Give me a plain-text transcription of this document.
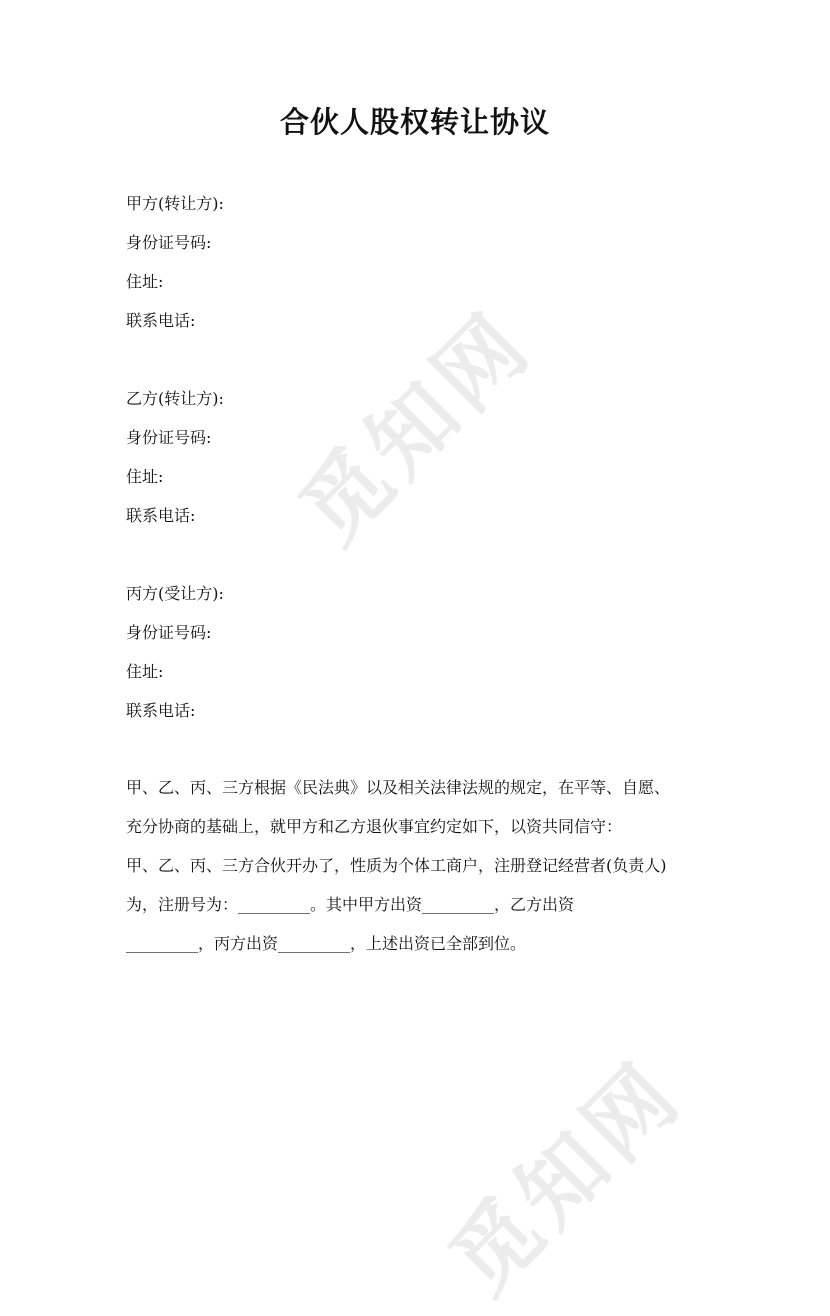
觅知网
觅知网
合伙人股权转让协议
甲方(转让方):
身份证号码:
住址:
联系电话:
乙方(转让方):
身份证号码:
住址:
联系电话:
丙方(受让方):
身份证号码:
住址:
联系电话:
甲、乙、丙、三方根据《民法典》以及相关法律法规的规定，在平等、自愿、
充分协商的基础上，就甲方和乙方退伙事宜约定如下，以资共同信守：
甲、乙、丙、三方合伙开办了，性质为个体工商户，注册登记经营者(负责人)
为，注册号为：_________。其中甲方出资_________，乙方出资
_________，丙方出资_________，上述出资已全部到位。
